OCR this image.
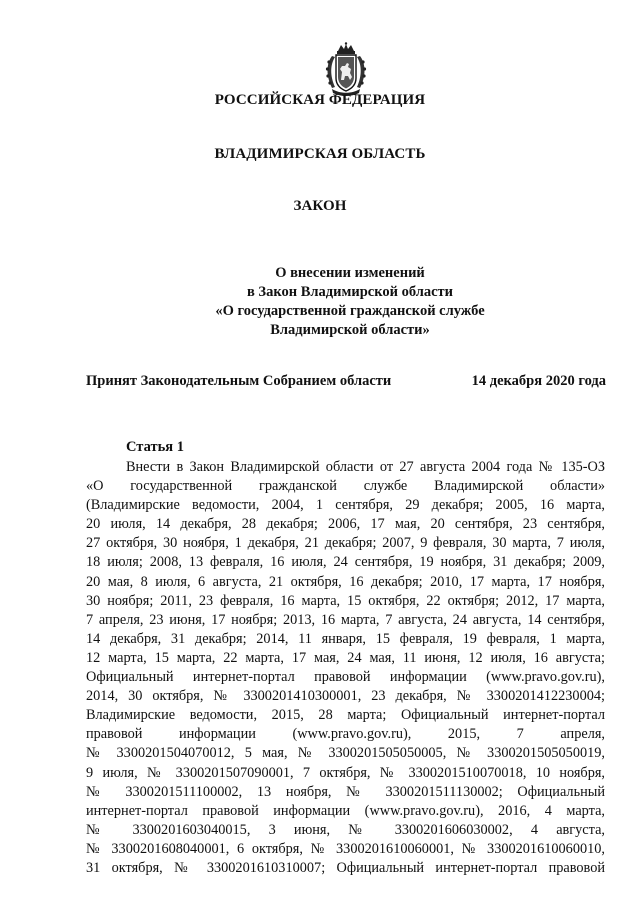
РОССИЙСКАЯ ФЕДЕРАЦИЯ
ВЛАДИМИРСКАЯ ОБЛАСТЬ
ЗАКОН
О внесении изменений
в Закон Владимирской области
«О государственной гражданской службе
Владимирской области»
Принят Законодательным Собранием области	14 декабря 2020 года
Статья 1
Внести в Закон Владимирской области от 27 августа 2004 года № 135-ОЗ
«О государственной гражданской службе Владимирской области»
(Владимирские ведомости, 2004, 1 сентября, 29 декабря; 2005, 16 марта,
20 июля, 14 декабря, 28 декабря; 2006, 17 мая, 20 сентября, 23 сентября,
27 октября, 30 ноября, 1 декабря, 21 декабря; 2007, 9 февраля, 30 марта, 7 июля,
18 июля; 2008, 13 февраля, 16 июля, 24 сентября, 19 ноября, 31 декабря; 2009,
20 мая, 8 июля, 6 августа, 21 октября, 16 декабря; 2010, 17 марта, 17 ноября,
30 ноября; 2011, 23 февраля, 16 марта, 15 октября, 22 октября; 2012, 17 марта,
7 апреля, 23 июня, 17 ноября; 2013, 16 марта, 7 августа, 24 августа, 14 сентября,
14 декабря, 31 декабря; 2014, 11 января, 15 февраля, 19 февраля, 1 марта,
12 марта, 15 марта, 22 марта, 17 мая, 24 мая, 11 июня, 12 июля, 16 августа;
Официальный интернет-портал правовой информации (www.pravo.gov.ru),
2014, 30 октября, № 3300201410300001, 23 декабря, № 3300201412230004;
Владимирские ведомости, 2015, 28 марта; Официальный интернет-портал
правовой информации (www.pravo.gov.ru), 2015, 7 апреля,
№ 3300201504070012, 5 мая, № 3300201505050005, № 3300201505050019,
9 июля, № 3300201507090001, 7 октября, № 3300201510070018, 10 ноября,
№ 3300201511100002, 13 ноября, № 3300201511130002; Официальный
интернет-портал правовой информации (www.pravo.gov.ru), 2016, 4 марта,
№ 3300201603040015, 3 июня, № 3300201606030002, 4 августа,
№ 3300201608040001, 6 октября, № 3300201610060001, № 3300201610060010,
31 октября, № 3300201610310007; Официальный интернет-портал правовой
